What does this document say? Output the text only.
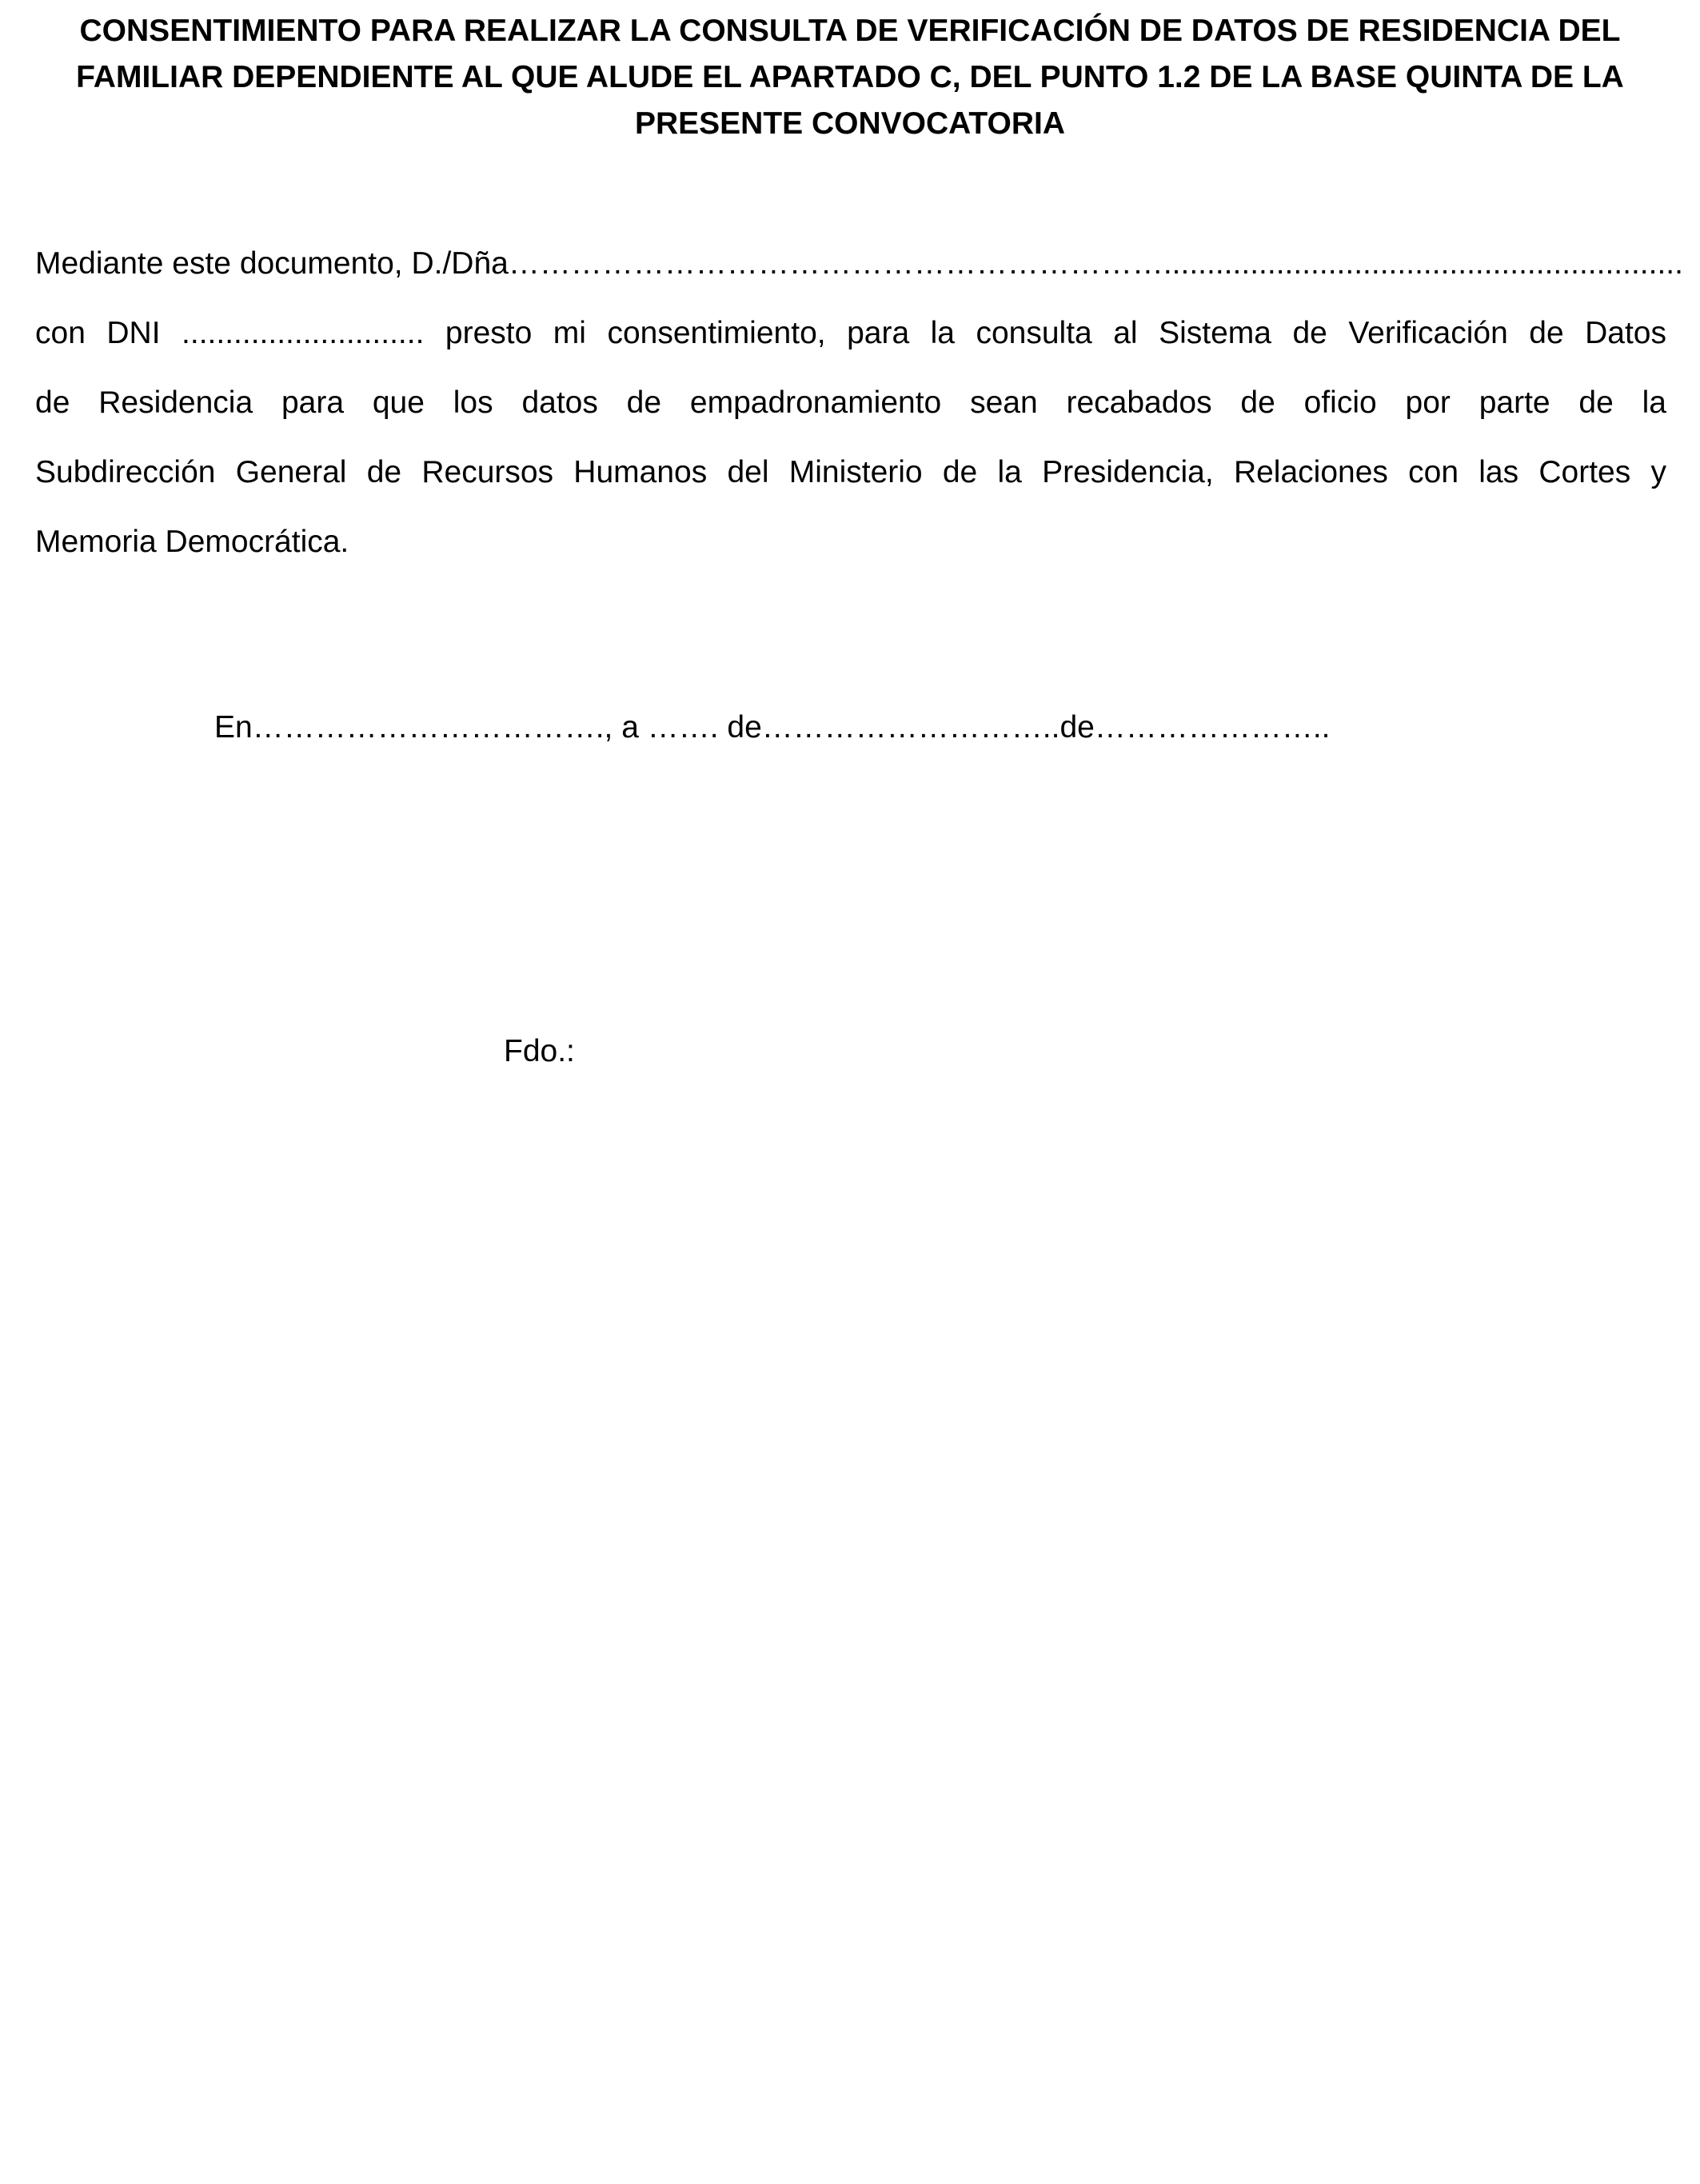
CONSENTIMIENTO PARA REALIZAR LA CONSULTA DE VERIFICACIÓN DE DATOS DE RESIDENCIA DEL
FAMILIAR DEPENDIENTE AL QUE ALUDE EL APARTADO C, DEL PUNTO 1.2 DE LA BASE QUINTA DE LA
PRESENTE CONVOCATORIA
Mediante este documento, D./Dña………………………………………………………............................................................
con DNI ............................ presto mi consentimiento, para la consulta al Sistema de Verificación de Datos
de Residencia para que los datos de empadronamiento sean recabados de oficio por parte de la
Subdirección General de Recursos Humanos del Ministerio de la Presidencia, Relaciones con las Cortes y
Memoria Democrática.
En……………………………., a ……. de………………………..de…………………..
Fdo.:
